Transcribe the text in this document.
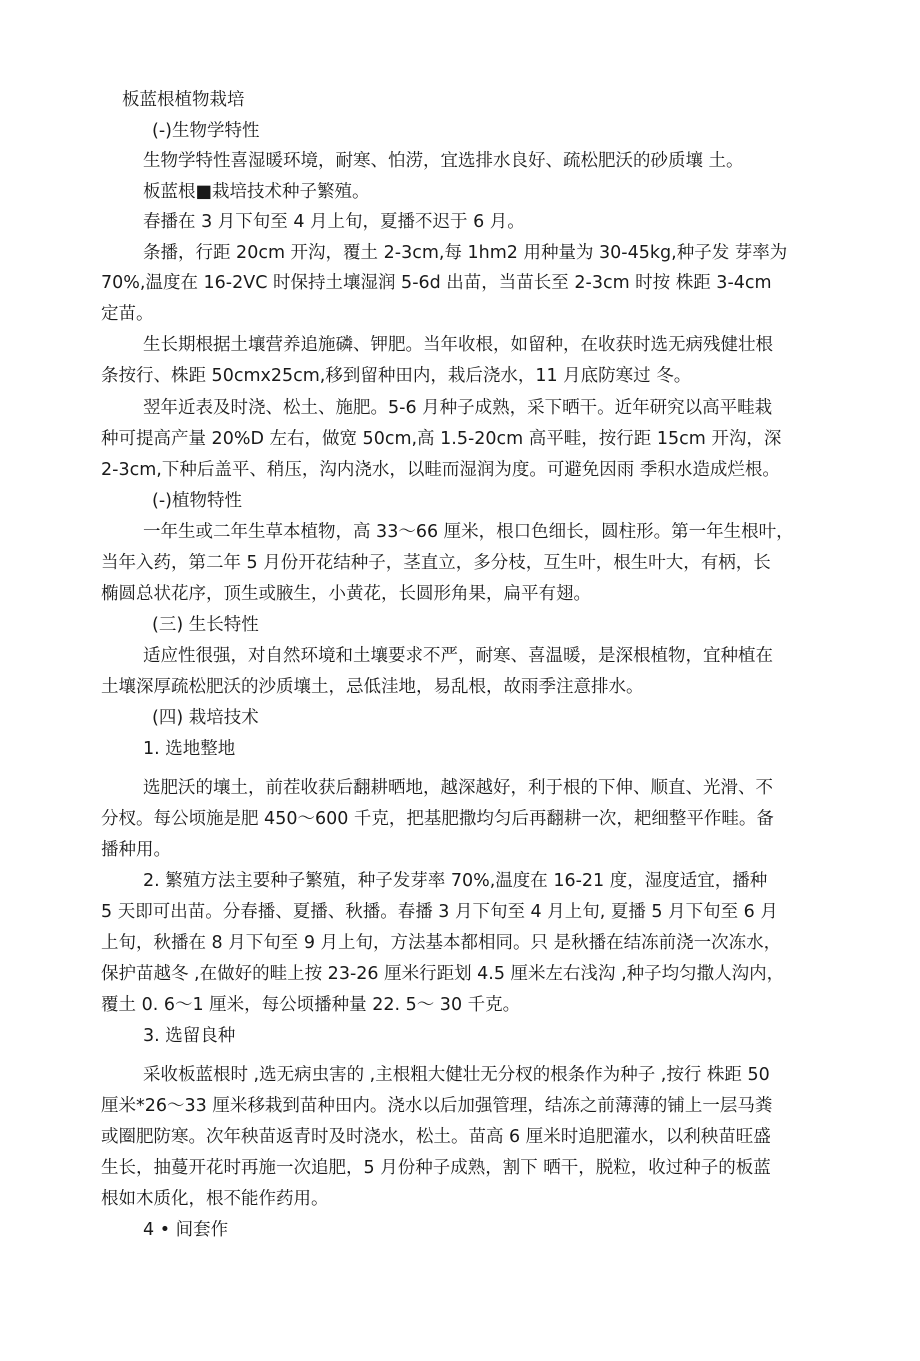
板蓝根植物栽培
(-)生物学特性
生物学特性喜湿暖环境，耐寒、怕涝，宜选排水良好、疏松肥沃的砂质壤 土。
板蓝根■栽培技术种子繁殖。
春播在 3 月下旬至 4 月上旬，夏播不迟于 6 月。
条播，行距 20cm 开沟，覆土 2-3cm,每 1hm2 用种量为 30-45kg,种子发 芽率为
70%,温度在 16-2VC 时保持土壤湿润 5-6d 出苗，当苗长至 2-3cm 时按 株距 3-4cm
定苗。
生长期根据土壤营养追施磷、钾肥。当年收根，如留种，在收获时选无病残健壮根
条按行、株距 50cmx25cm,移到留种田内，栽后浇水，11 月底防寒过 冬。
翌年近表及时浇、松土、施肥。5-6 月种子成熟，采下晒干。近年研究以高平畦栽
种可提高产量 20%D 左右，做宽 50cm,高 1.5-20cm 高平畦，按行距 15cm 开沟，深
2-3cm,下种后盖平、稍压，沟内浇水，以畦而湿润为度。可避免因雨 季积水造成烂根。
(-)植物特性
一年生或二年生草本植物，高 33～66 厘米，根口色细长，圆柱形。第一年生根叶，
当年入药，第二年 5 月份开花结种子，茎直立，多分枝，互生叶，根生叶大，有柄，长
椭圆总状花序，顶生或腋生，小黄花，长圆形角果，扁平有翅。
(三) 生长特性
适应性很强，对自然环境和土壤要求不严，耐寒、喜温暖，是深根植物，宜种植在
土壤深厚疏松肥沃的沙质壤土，忌低洼地，易乱根，故雨季注意排水。
(四) 栽培技术
1. 选地整地
选肥沃的壤土，前茬收获后翻耕晒地，越深越好，利于根的下伸、顺直、光滑、不
分杈。每公顷施是肥 450～600 千克，把基肥撒均匀后再翻耕一次，耙细整平作畦。备
播种用。
2. 繁殖方法主要种子繁殖，种子发芽率 70%,温度在 16-21 度，湿度适宜，播种
5 天即可出苗。分春播、夏播、秋播。春播 3 月下旬至 4 月上旬, 夏播 5 月下旬至 6 月
上旬，秋播在 8 月下旬至 9 月上旬，方法基本都相同。只 是秋播在结冻前浇一次冻水，
保护苗越冬 ,在做好的畦上按 23-26 厘米行距划 4.5 厘米左右浅沟 ,种子均匀撒人沟内，
覆土 0. 6～1 厘米，每公顷播种量 22. 5～ 30 千克。
3. 选留良种
采收板蓝根时 ,选无病虫害的 ,主根粗大健壮无分杈的根条作为种子 ,按行 株距 50
厘米*26～33 厘米移栽到苗种田内。浇水以后加强管理，结冻之前薄薄的铺上一层马粪
或圈肥防寒。次年秧苗返青时及时浇水，松土。苗高 6 厘米时追肥灌水，以利秧苗旺盛
生长，抽蔓开花时再施一次追肥，5 月份种子成熟，割下 晒干，脱粒，收过种子的板蓝
根如木质化，根不能作药用。
4 • 间套作
